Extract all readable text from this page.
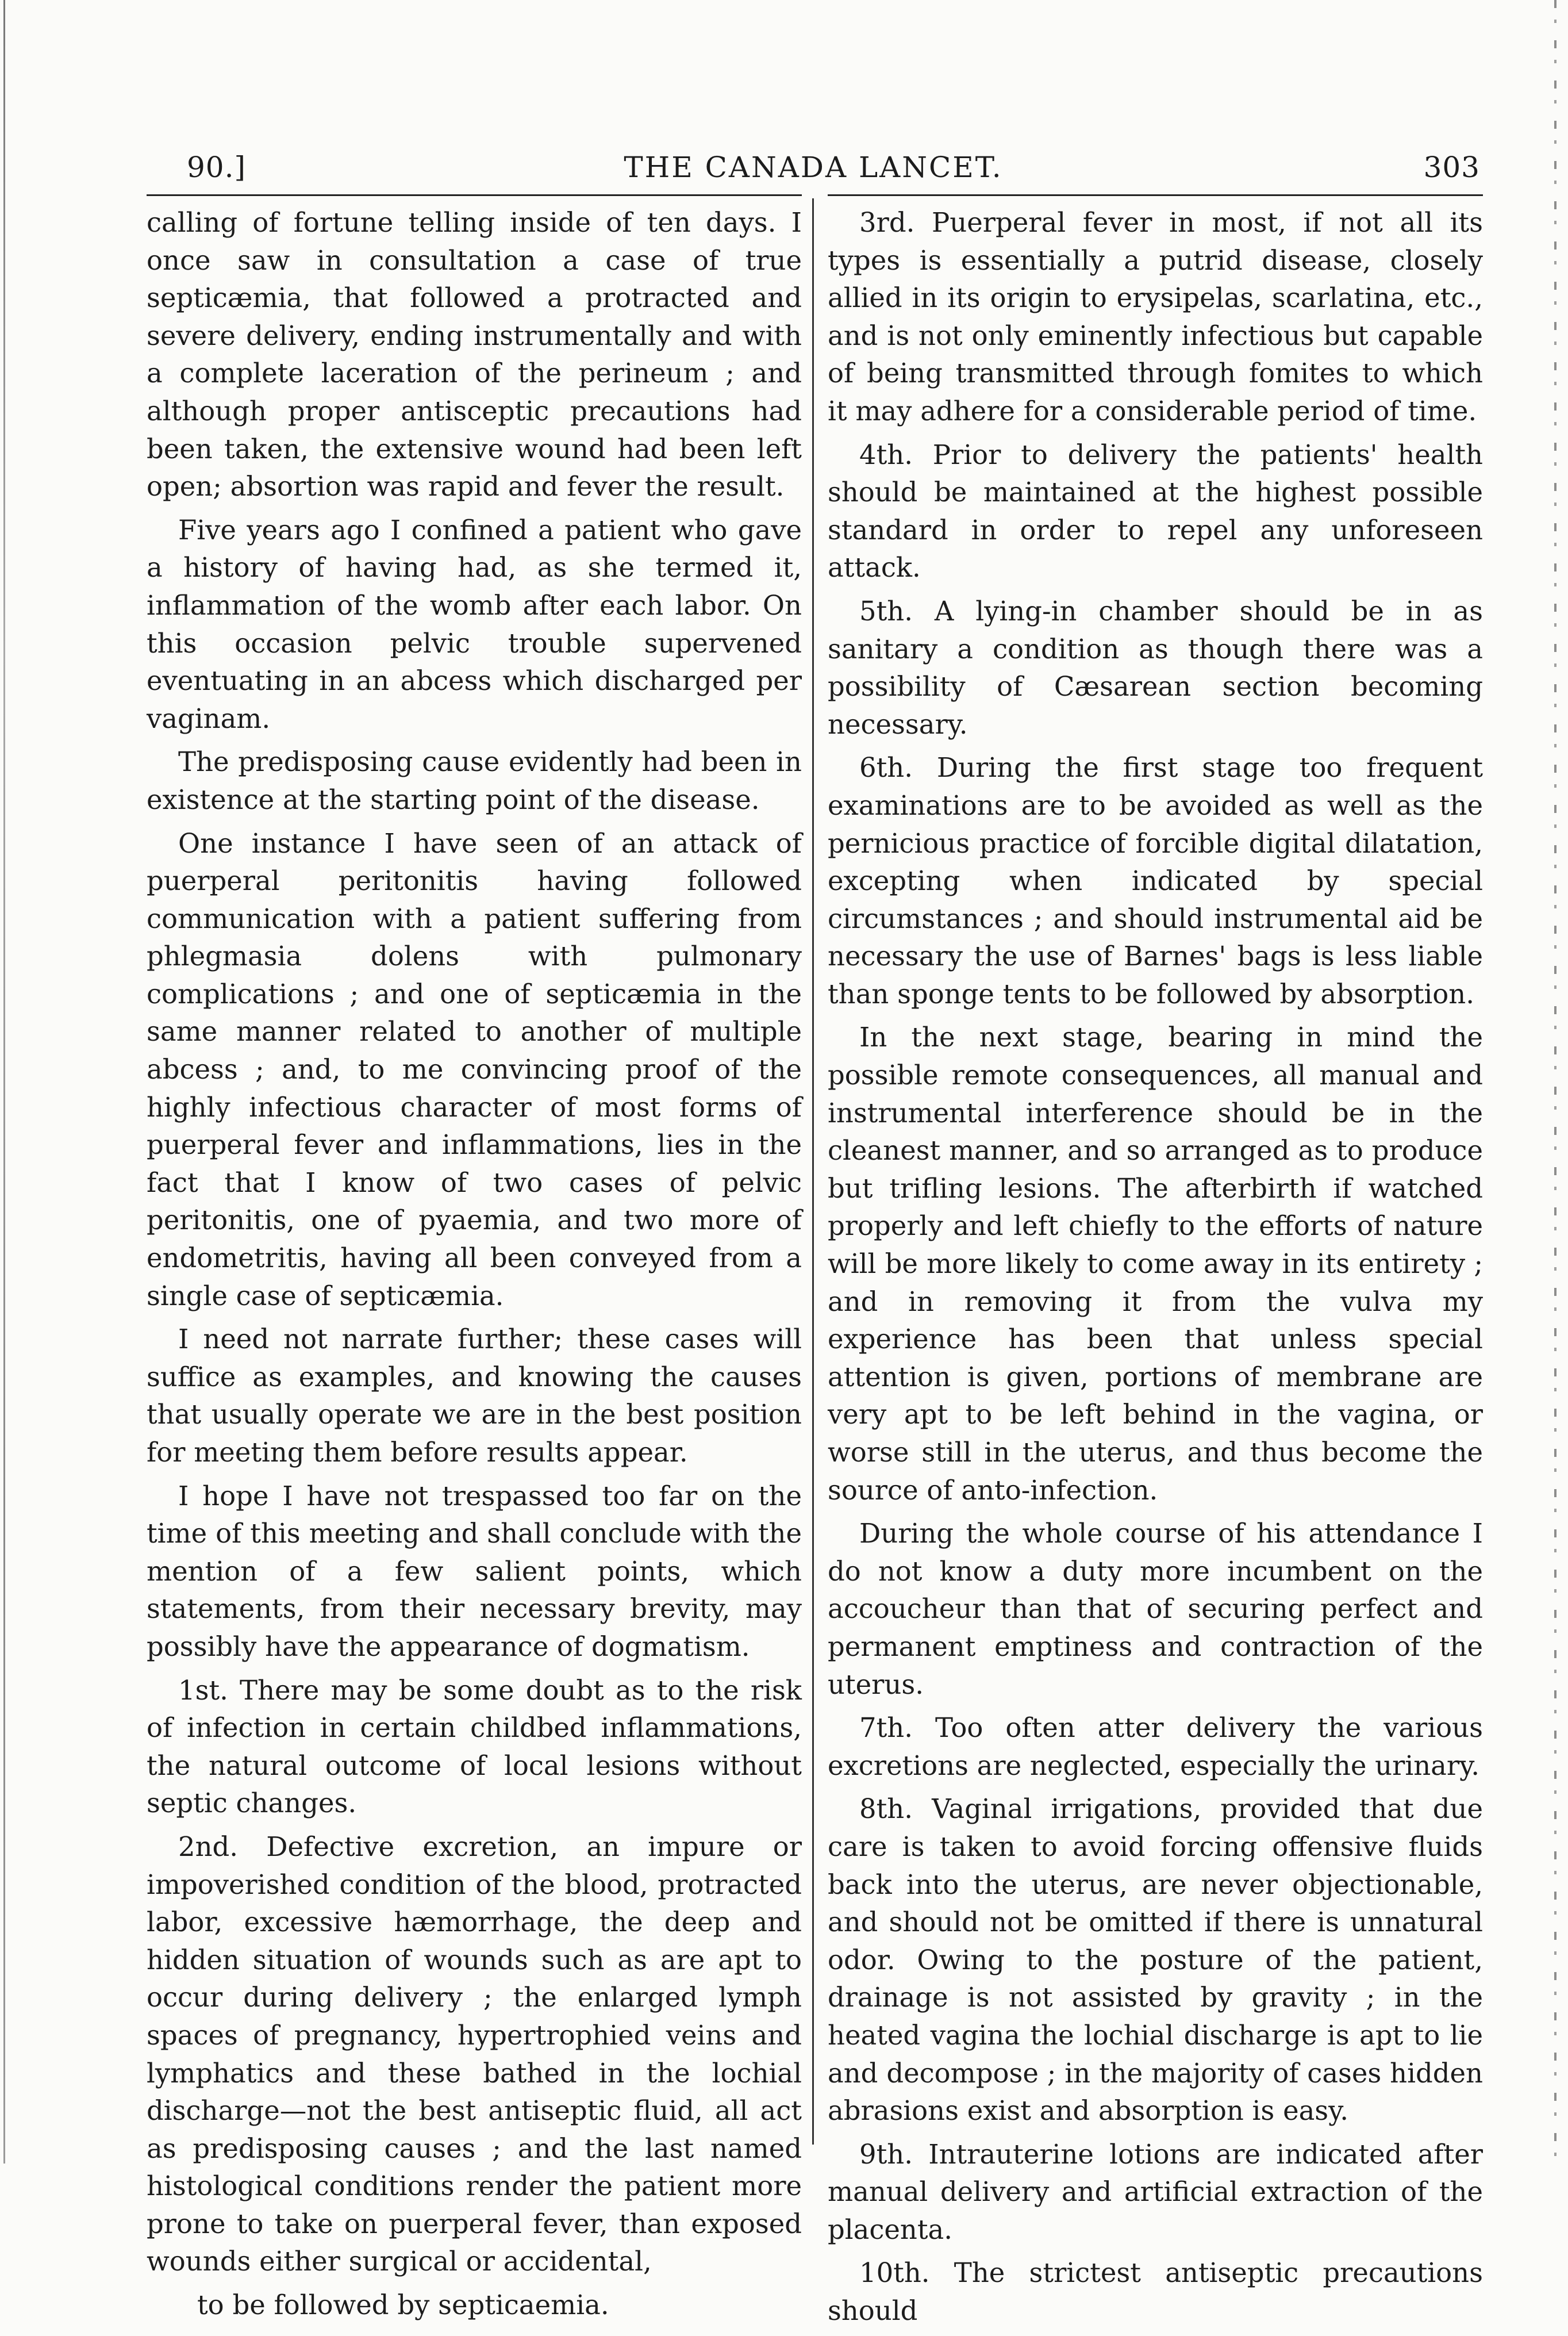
90.]	THE CANADA LANCET.	303

calling of fortune telling inside of ten days. I once saw in consultation a case of true septicæmia, that followed a protracted and severe delivery, ending instrumentally and with a complete laceration of the perineum ; and although proper antisceptic precautions had been taken, the extensive wound had been left open; absortion was rapid and fever the result.

Five years ago I confined a patient who gave a history of having had, as she termed it, inflammation of the womb after each labor. On this occasion pelvic trouble supervened eventuating in an abcess which discharged per vaginam.

The predisposing cause evidently had been in existence at the starting point of the disease.

One instance I have seen of an attack of puerperal peritonitis having followed communication with a patient suffering from phlegmasia dolens with pulmonary complications ; and one of septicæmia in the same manner related to another of multiple abcess ; and, to me convincing proof of the highly infectious character of most forms of puerperal fever and inflammations, lies in the fact that I know of two cases of pelvic peritonitis, one of pyaemia, and two more of endometritis, having all been conveyed from a single case of septicæmia.

I need not narrate further; these cases will suffice as examples, and knowing the causes that usually operate we are in the best position for meeting them before results appear.

I hope I have not trespassed too far on the time of this meeting and shall conclude with the mention of a few salient points, which statements, from their necessary brevity, may possibly have the appearance of dogmatism.

1st. There may be some doubt as to the risk of infection in certain childbed inflammations, the natural outcome of local lesions without septic changes.

2nd. Defective excretion, an impure or impoverished condition of the blood, protracted labor, excessive hæmorrhage, the deep and hidden situation of wounds such as are apt to occur during delivery ; the enlarged lymph spaces of pregnancy, hypertrophied veins and lymphatics and these bathed in the lochial discharge—not the best antiseptic fluid, all act as predisposing causes ; and the last named histological conditions render the patient more prone to take on puerperal fever, than exposed wounds either surgical or accidental,

to be followed by septicaemia.

3rd. Puerperal fever in most, if not all its types is essentially a putrid disease, closely allied in its origin to erysipelas, scarlatina, etc., and is not only eminently infectious but capable of being transmitted through fomites to which it may adhere for a considerable period of time.

4th. Prior to delivery the patients' health should be maintained at the highest possible standard in order to repel any unforeseen attack.

5th. A lying-in chamber should be in as sanitary a condition as though there was a possibility of Cæsarean section becoming necessary.

6th. During the first stage too frequent examinations are to be avoided as well as the pernicious practice of forcible digital dilatation, excepting when indicated by special circumstances ; and should instrumental aid be necessary the use of Barnes' bags is less liable than sponge tents to be followed by absorption.

In the next stage, bearing in mind the possible remote consequences, all manual and instrumental interference should be in the cleanest manner, and so arranged as to produce but trifling lesions. The afterbirth if watched properly and left chiefly to the efforts of nature will be more likely to come away in its entirety ; and in removing it from the vulva my experience has been that unless special attention is given, portions of membrane are very apt to be left behind in the vagina, or worse still in the uterus, and thus become the source of anto-infection.

During the whole course of his attendance I do not know a duty more incumbent on the accoucheur than that of securing perfect and permanent emptiness and contraction of the uterus.

7th. Too often atter delivery the various excretions are neglected, especially the urinary.

8th. Vaginal irrigations, provided that due care is taken to avoid forcing offensive fluids back into the uterus, are never objectionable, and should not be omitted if there is unnatural odor. Owing to the posture of the patient, drainage is not assisted by gravity ; in the heated vagina the lochial discharge is apt to lie and decompose ; in the majority of cases hidden abrasions exist and absorption is easy.

9th. Intrauterine lotions are indicated after manual delivery and artificial extraction of the placenta.

10th. The strictest antiseptic precautions should
